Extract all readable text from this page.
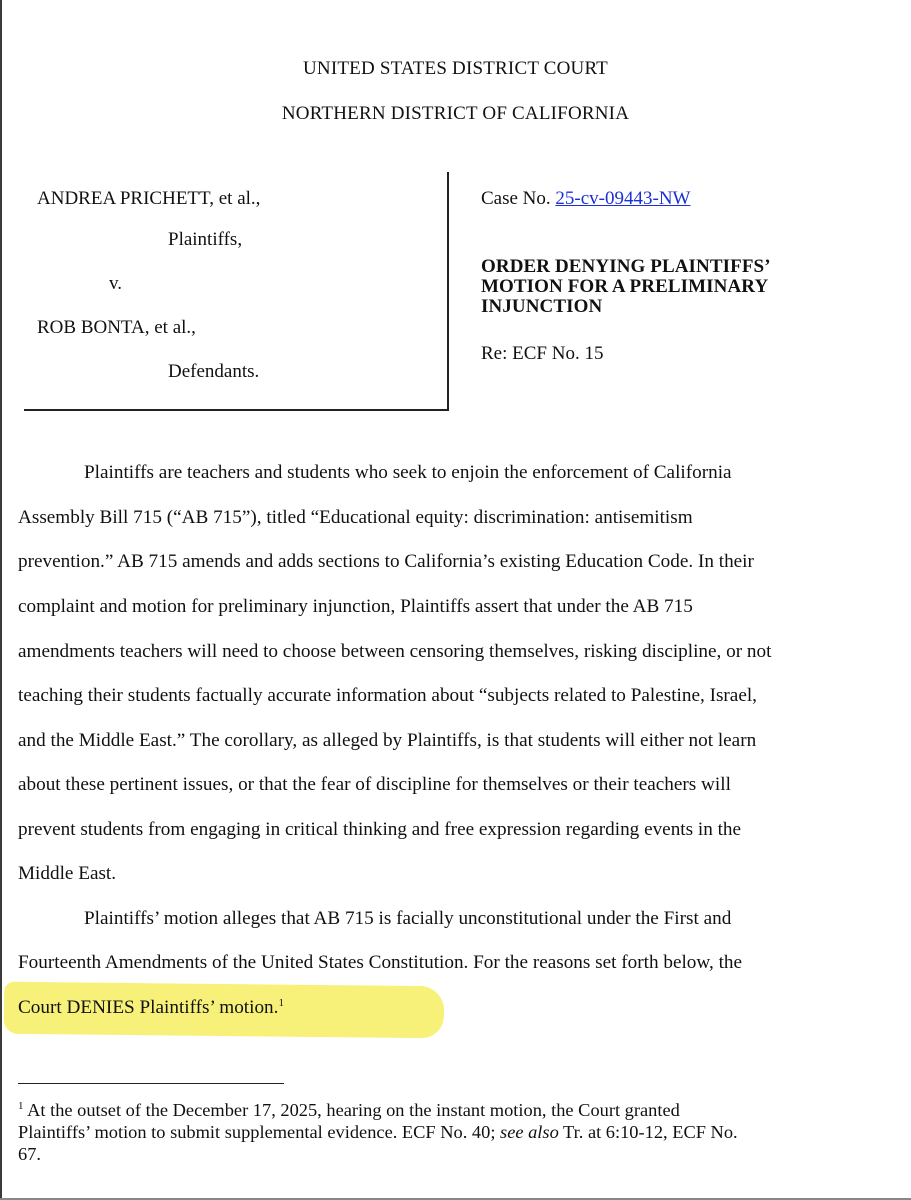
UNITED STATES DISTRICT COURT
NORTHERN DISTRICT OF CALIFORNIA
ANDREA PRICHETT, et al.,
Plaintiffs,
v.
ROB BONTA, et al.,
Defendants.
Case No. 25-cv-09443-NW
ORDER DENYING PLAINTIFFS’
MOTION FOR A PRELIMINARY
INJUNCTION
Re: ECF No. 15
Plaintiffs are teachers and students who seek to enjoin the enforcement of California
Assembly Bill 715 (“AB 715”), titled “Educational equity: discrimination: antisemitism
prevention.” AB 715 amends and adds sections to California’s existing Education Code. In their
complaint and motion for preliminary injunction, Plaintiffs assert that under the AB 715
amendments teachers will need to choose between censoring themselves, risking discipline, or not
teaching their students factually accurate information about “subjects related to Palestine, Israel,
and the Middle East.” The corollary, as alleged by Plaintiffs, is that students will either not learn
about these pertinent issues, or that the fear of discipline for themselves or their teachers will
prevent students from engaging in critical thinking and free expression regarding events in the
Middle East.
Plaintiffs’ motion alleges that AB 715 is facially unconstitutional under the First and
Fourteenth Amendments of the United States Constitution. For the reasons set forth below, the
Court DENIES Plaintiffs’ motion.$^1$
$^1$ At the outset of the December 17, 2025, hearing on the instant motion, the Court granted
Plaintiffs’ motion to submit supplemental evidence. ECF No. 40; see also Tr. at 6:10-12, ECF No.
67.
